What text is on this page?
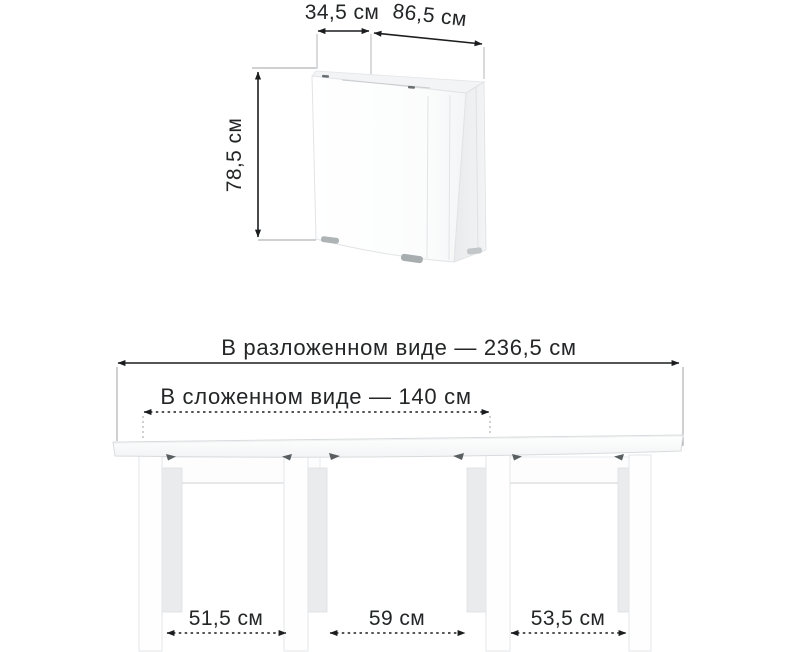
34,5 см 86,5 см
78,5 см
В разложенном виде — 236,5 см
В сложенном виде — 140 см
51,5 см	59 см	53,5 см
